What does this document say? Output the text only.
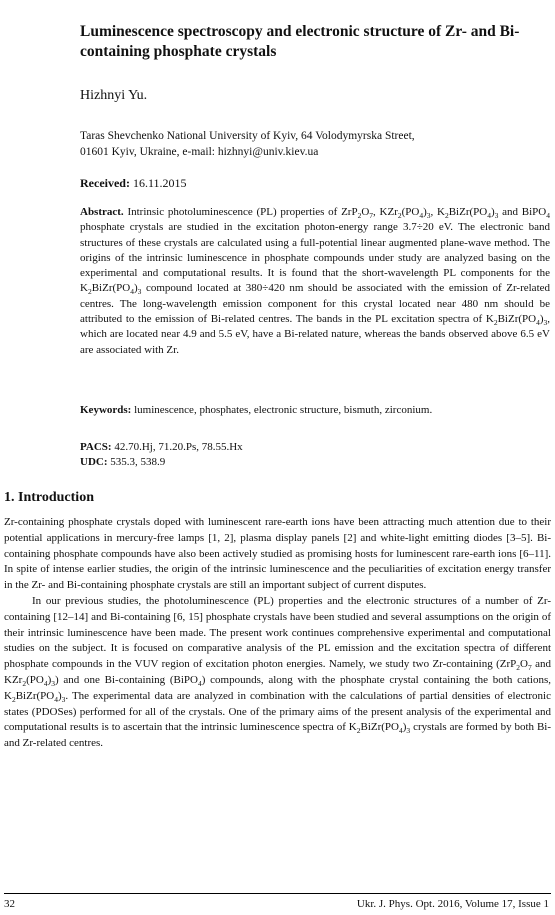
Luminescence spectroscopy and electronic structure of Zr- and Bi-containing phosphate crystals
Hizhnyi Yu.
Taras Shevchenko National University of Kyiv, 64 Volodymyrska Street,
01601 Kyiv, Ukraine, e-mail: hizhnyi@univ.kiev.ua
Received: 16.11.2015
Abstract. Intrinsic photoluminescence (PL) properties of $ZrP_2O_7$, $KZr_2(PO_4)_3$, $K_2BiZr(PO_4)_3$ and BiPO$_4$ phosphate crystals are studied in the excitation photon-energy range 3.7÷20 eV. The electronic band structures of these crystals are calculated using a full-potential linear augmented plane-wave method. The origins of the intrinsic luminescence in phosphate compounds under study are analyzed basing on the experimental and computational results. It is found that the short-wavelength PL components for the $K_2BiZr(PO_4)_3$ compound located at 380÷420 nm should be associated with the emission of Zr-related centres. The long-wavelength emission component for this crystal located near 480 nm should be attributed to the emission of Bi-related centres. The bands in the PL excitation spectra of $K_2BiZr(PO_4)_3$, which are located near 4.9 and 5.5 eV, have a Bi-related nature, whereas the bands observed above 6.5 eV are associated with Zr.
Keywords: luminescence, phosphates, electronic structure, bismuth, zirconium.
PACS: 42.70.Hj, 71.20.Ps, 78.55.Hx
UDC: 535.3, 538.9
1. Introduction

Zr-containing phosphate crystals doped with luminescent rare-earth ions have been attracting much attention due to their potential applications in mercury-free lamps [1, 2], plasma display panels [2] and white-light emitting diodes [3–5]. Bi-containing phosphate compounds have also been actively studied as promising hosts for luminescent rare-earth ions [6–11]. In spite of intense earlier studies, the origin of the intrinsic luminescence and the peculiarities of excitation energy transfer in the Zr- and Bi-containing phosphate crystals are still an important subject of current disputes.

In our previous studies, the photoluminescence (PL) properties and the electronic structures of a number of Zr-containing [12–14] and Bi-containing [6, 15] phosphate crystals have been studied and several assumptions on the origin of their intrinsic luminescence have been made. The present work continues comprehensive experimental and computational studies on the subject. It is focused on comparative analysis of the PL emission and the excitation spectra of different phosphate compounds in the VUV region of excitation photon energies. Namely, we study two Zr-containing ($ZrP_2O_7$ and $KZr_2(PO_4)_3$) and one Bi-containing (BiPO$_4$) compounds, along with the phosphate crystal containing the both cations, $K_2BiZr(PO_4)_3$. The experimental data are analyzed in combination with the calculations of partial densities of electronic states (PDOSes) performed for all of the crystals. One of the primary aims of the present analysis of the experimental and computational results is to ascertain that the intrinsic luminescence spectra of $K_2BiZr(PO_4)_3$ crystals are formed by both Bi- and Zr-related centres.

32	Ukr. J. Phys. Opt. 2016, Volume 17, Issue 1
